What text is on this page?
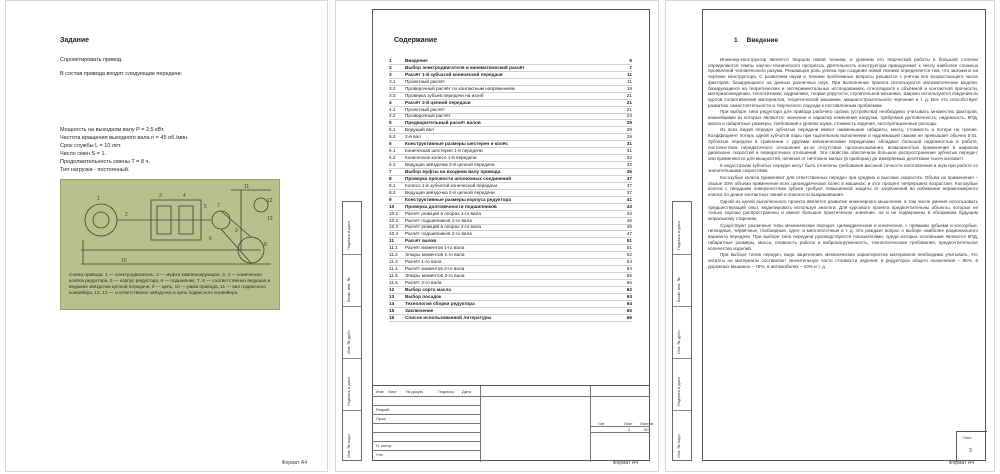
Задание
Спроектировать привод.
В состав привода входят следующие передачи:
Мощность на выходном валу P = 2,5 кВт.
Частота вращения выходного вала n = 45 об./мин.
Срок службы L = 10 лет.
Число смен S = 1.
Продолжительность смены T = 8 ч.
Тип нагрузки - постоянный.
1
2
3	4
5
6
7
8
9
10
11
12
13
Схема привода: 1 — электродвигатель, 2 — муфта компенсирующая, 3, 4 — конические колёса редуктора, 5 — корпус редуктора, 6 — подшипник, 7, 8 — соответственно ведущая и ведомая звёздочки цепной передачи, 9 — цепь, 10 — рама привода, 11 — вал подвесного конвейера, 12, 13 — соответственно звёздочка и цепь подвесного конвейера.
Формат А4
Подпись и дата
Взам. инв. №
Инв. № дубл.
Подпись и дата
Инв. № подл.
Содержание
1	Введение	5
2	Выбор электродвигателя и кинематический расчёт	7
3	Расчёт 1-й зубчатой конической передачи	11
3.1	Проектный расчёт	11
3.2	Проверочный расчёт по контактным напряжениям	18
3.3	Проверка зубьев передачи на изгиб	21
4	Расчёт 2-й цепной передачи	21
4.1	Проектный расчёт	21
4.2	Проверочный расчёт	24
5	Предварительный расчёт валов	29
5.1	Ведущий вал	29
5.2	2-й вал	29
6	Конструктивные размеры шестерен и колёс	31
6.1	Коническая шестерня 1-й передачи	31
6.2	Коническое колесо 1-й передачи	32
6.3	Ведущая звёздочка 2-й цепной передачи	32
7	Выбор муфты на входном валу привода	35
8	Проверка прочности шпоночных соединений	37
8.1	Колесо 1-й зубчатой конической передачи	37
8.2	Ведущая звёздочка 2-й цепной передачи	37
9	Конструктивные размеры корпуса редуктора	41
10	Проверка долговечности подшипников	43
10.1	Расчёт реакций в опорах 1-го вала	43
10.2	Расчёт подшипников 1-го вала	45
10.3	Расчёт реакций в опорах 2-го вала	45
10.4	Расчёт подшипников 2-го вала	47
11	Расчёт валов	51
11.1	Расчёт моментов 1-го вала	51
11.2	Эпюры моментов 1-го вала	52
11.3	Расчёт 1-го вала	53
11.4	Расчёт моментов 2-го вала	54
11.5	Эпюры моментов 2-го вала	55
11.6	Расчёт 2-го вала	56
12	Выбор сорта масла	62
13	Выбор посадок	63
14	Технология сборки редуктора	64
15	Заключение	65
16	Список использованной литературы	66
Изм Лист № докум.	Подпись Дата
Разраб.
Пров.
Н. контр.
Утв.
Лит	Лист Листов
2	50
Формат А4
Подпись и дата
Взам. инв. №
Инв. № дубл.
Подпись и дата
Инв. № подл.
1 Введение

Инженер-конструктор является творцом новой техники, и уровнем его творческой работы в большей степени определяются темпы научно-технического прогресса. Деятельность конструктора принадлежит к числу наиболее сложных проявлений человеческого разума. Решающая роль успеха при создании новой техники определяется тем, что заложено на чертеже конструктора. С развитием науки и техники проблемные вопросы решаются с учётом все возрастающего числа факторов, базирующихся на данных различных наук. При выполнении проекта используются математические модели, базирующиеся на теоретических и экспериментальных исследованиях, относящихся к объёмной и контактной прочности, материаловедению, теплотехнике, гидравлике, теории упругости, строительной механике. Широко используются сведения из курсов сопротивления материалов, теоретической механики, машиностроительного черчения и т. д. Все это способствует развитию самостоятельности и творческого подхода к поставленным проблемам.

При выборе типа редуктора для привода рабочего органа (устройства) необходимо учитывать множество факторов, важнейшими из которых являются: значение и характер изменения нагрузки, требуемая долговечность, надежность, КПД, масса и габаритные размеры, требования к уровню шума, стоимость изделия, эксплуатационные расходы.

Из всех видов передач зубчатые передачи имеют наименьшие габариты, массу, стоимость и потери на трение. Коэффициент потерь одной зубчатой пары при тщательном выполнении и надлежащей смазке не превышает обычно 0,01. Зубчатые передачи в сравнении с другими механическими передачами обладают большой надежностью в работе, постоянством передаточного отношения из-за отсутствия проскальзывания, возможностью применения в широком диапазоне скоростей и передаточных отношений. Эти свойства обеспечили большое распространение зубчатых передач; они применяются для мощностей, начиная от ничтожно малых (в приборах) до измеряемых десятками тысяч киловатт.

К недостаткам зубчатых передач могут быть отнесены требования высокой точности изготовления и шум при работе со значительными скоростями.

Косозубые колеса применяют для ответственных передач при средних и высоких скоростях. Объём их применения – свыше 30% объема применения всех цилиндрических колес в машинах; и этот процент непрерывно возрастает. Косозубые колеса с твердыми поверхностями зубьев требуют повышенной защиты от загрязнений во избежание неравномерного износа по длине контактных линий и опасности выкрашивания.

Одной из целей выполненного проекта является развитие инженерного мышления, в том числе умения использовать предшествующий опыт, моделировать используя аналоги. Для курсового проекта предпочтительны объекты, которые не только хорошо распространены и имеют большое практическое значение, но и не подвержены в обозримом будущем моральному старению.

Существуют различные типы механических передач: цилиндрические и конические, с прямыми зубьями и косозубые, гипоидные, червячные, глобоидные, одно- и многопоточные и т. д. Это рождает вопрос о выборе наиболее рационального варианта передачи. При выборе типа передачи руководствуются показателями, среди которых основными являются КПД, габаритные размеры, масса, плавность работы и вибронагруженность, технологические требования, предпочтительное количество изделий.

При выборе типов передач, вида зацепления, механических характеристик материалов необходимо учитывать, что затраты на материалы составляют значительную часть стоимости изделия: в редукторах общего назначения – 85%, в дорожных машинах – 75%, в автомобилях – 10% и т. д.

Лист
3
Формат А4
